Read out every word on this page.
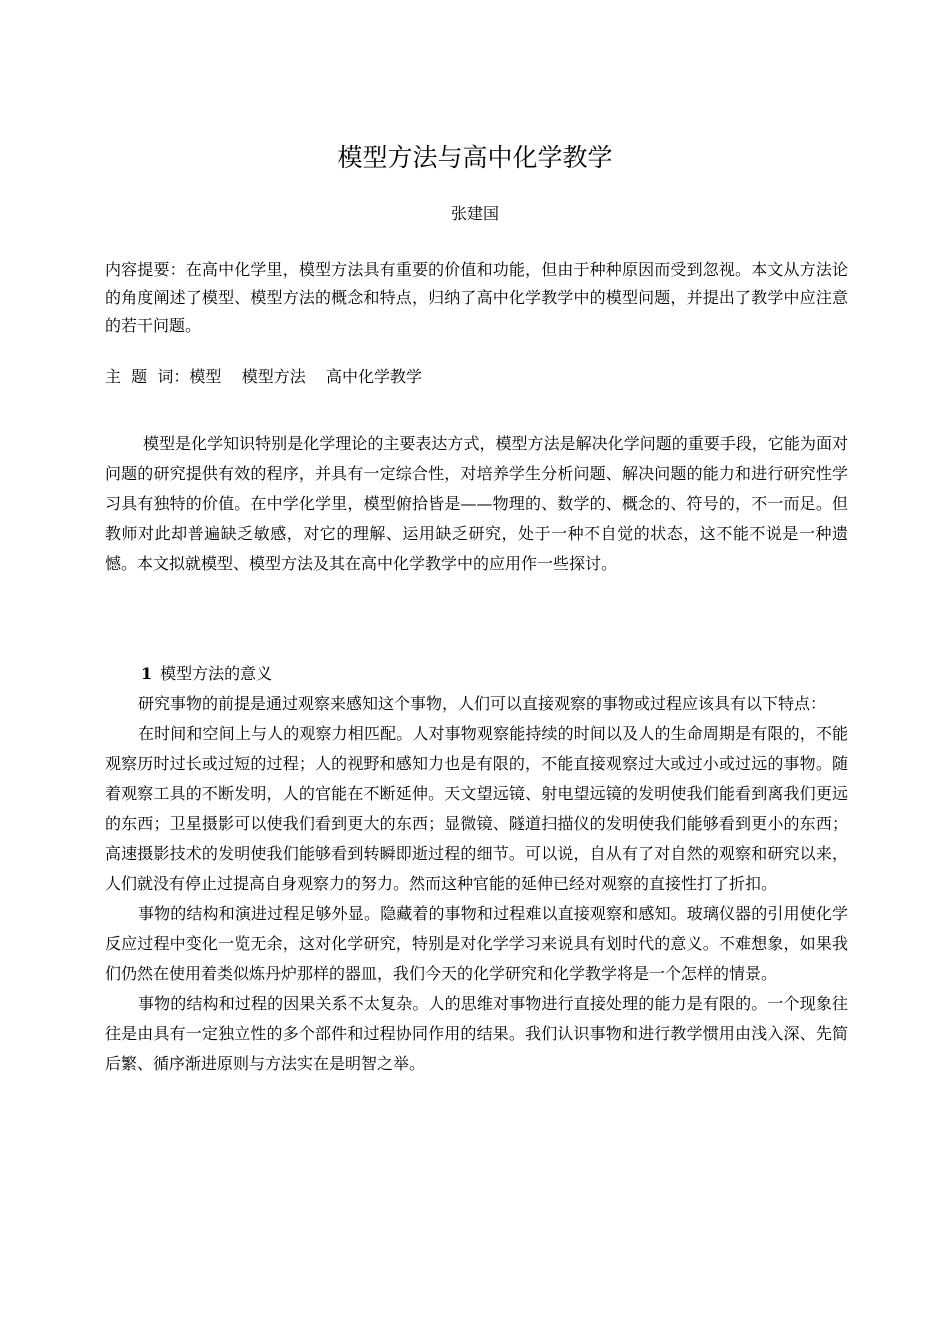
模型方法与高中化学教学
张建国

内容提要：在高中化学里，模型方法具有重要的价值和功能，但由于种种原因而受到忽视。本文从方法论的角度阐述了模型、模型方法的概念和特点，归纳了高中化学教学中的模型问题，并提出了教学中应注意的若干问题。

主  题  词：模型    模型方法    高中化学教学

模型是化学知识特别是化学理论的主要表达方式，模型方法是解决化学问题的重要手段，它能为面对问题的研究提供有效的程序，并具有一定综合性，对培养学生分析问题、解决问题的能力和进行研究性学习具有独特的价值。在中学化学里，模型俯拾皆是——物理的、数学的、概念的、符号的，不一而足。但教师对此却普遍缺乏敏感，对它的理解、运用缺乏研究，处于一种不自觉的状态，这不能不说是一种遗憾。本文拟就模型、模型方法及其在高中化学教学中的应用作一些探讨。

1 模型方法的意义

研究事物的前提是通过观察来感知这个事物，人们可以直接观察的事物或过程应该具有以下特点：

在时间和空间上与人的观察力相匹配。人对事物观察能持续的时间以及人的生命周期是有限的，不能观察历时过长或过短的过程；人的视野和感知力也是有限的，不能直接观察过大或过小或过远的事物。随着观察工具的不断发明，人的官能在不断延伸。天文望远镜、射电望远镜的发明使我们能看到离我们更远的东西；卫星摄影可以使我们看到更大的东西；显微镜、隧道扫描仪的发明使我们能够看到更小的东西；高速摄影技术的发明使我们能够看到转瞬即逝过程的细节。可以说，自从有了对自然的观察和研究以来，人们就没有停止过提高自身观察力的努力。然而这种官能的延伸已经对观察的直接性打了折扣。

事物的结构和演进过程足够外显。隐藏着的事物和过程难以直接观察和感知。玻璃仪器的引用使化学反应过程中变化一览无余，这对化学研究，特别是对化学学习来说具有划时代的意义。不难想象，如果我们仍然在使用着类似炼丹炉那样的器皿，我们今天的化学研究和化学教学将是一个怎样的情景。

事物的结构和过程的因果关系不太复杂。人的思维对事物进行直接处理的能力是有限的。一个现象往往是由具有一定独立性的多个部件和过程协同作用的结果。我们认识事物和进行教学惯用由浅入深、先简后繁、循序渐进原则与方法实在是明智之举。
